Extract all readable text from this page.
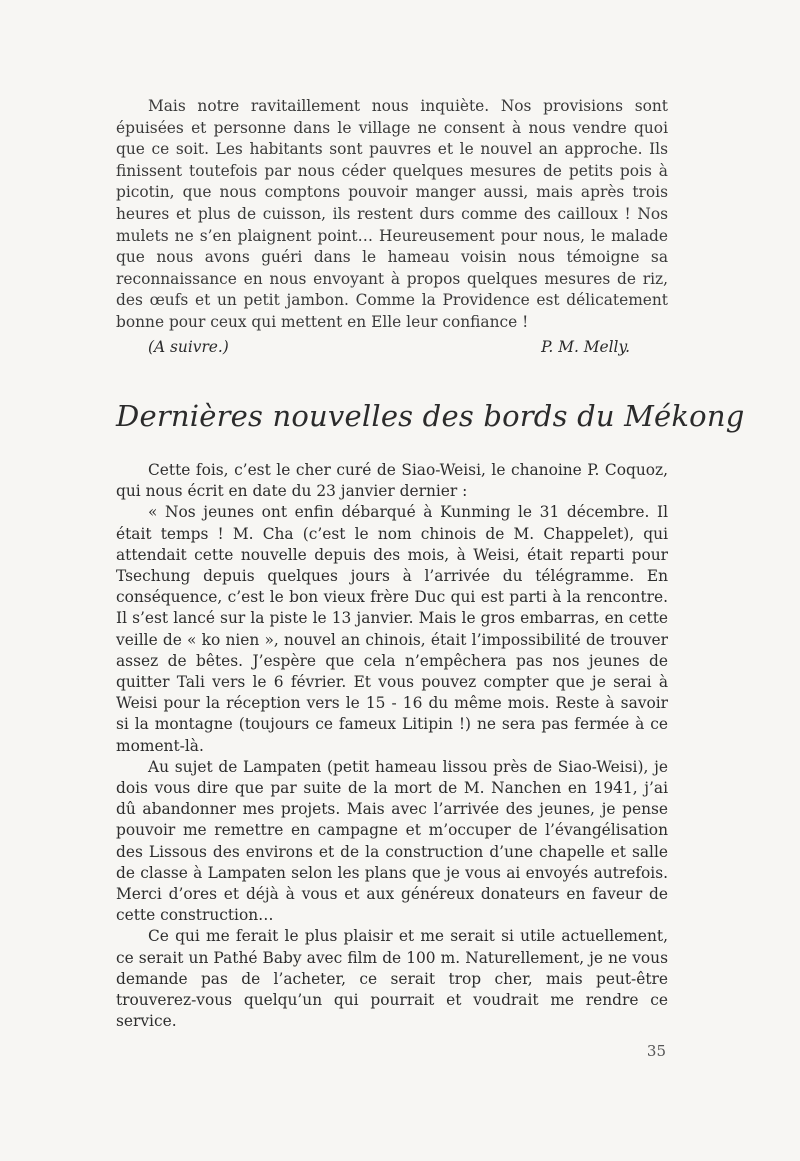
Mais notre ravitaillement nous inquiète. Nos provisions sont épuisées et personne dans le village ne consent à nous vendre quoi que ce soit. Les habitants sont pauvres et le nouvel an approche. Ils finissent toutefois par nous céder quelques mesures de petits pois à picotin, que nous comptons pouvoir manger aussi, mais après trois heures et plus de cuisson, ils restent durs comme des cailloux ! Nos mulets ne s’en plaignent point… Heureusement pour nous, le malade que nous avons guéri dans le hameau voisin nous témoigne sa reconnaissance en nous envoyant à propos quelques mesures de riz, des œufs et un petit jambon. Comme la Providence est délicatement bonne pour ceux qui mettent en Elle leur confiance !

(A suivre.)	P. M. Melly.
Dernières nouvelles des bords du Mékong

Cette fois, c’est le cher curé de Siao-Weisi, le chanoine P. Coquoz, qui nous écrit en date du 23 janvier dernier :

« Nos jeunes ont enfin débarqué à Kunming le 31 décembre. Il était temps ! M. Cha (c’est le nom chinois de M. Chappelet), qui attendait cette nouvelle depuis des mois, à Weisi, était reparti pour Tsechung depuis quelques jours à l’arrivée du télégramme. En conséquence, c’est le bon vieux frère Duc qui est parti à la rencontre. Il s’est lancé sur la piste le 13 janvier. Mais le gros embarras, en cette veille de « ko nien », nouvel an chinois, était l’impossibilité de trouver assez de bêtes. J’espère que cela n’empêchera pas nos jeunes de quitter Tali vers le 6 février. Et vous pouvez compter que je serai à Weisi pour la réception vers le 15 - 16 du même mois. Reste à savoir si la montagne (toujours ce fameux Litipin !) ne sera pas fermée à ce moment-là.

Au sujet de Lampaten (petit hameau lissou près de Siao-Weisi), je dois vous dire que par suite de la mort de M. Nanchen en 1941, j’ai dû abandonner mes projets. Mais avec l’arrivée des jeunes, je pense pouvoir me remettre en campagne et m’occuper de l’évangélisation des Lissous des environs et de la construction d’une chapelle et salle de classe à Lampaten selon les plans que je vous ai envoyés autrefois. Merci d’ores et déjà à vous et aux généreux donateurs en faveur de cette construction…

Ce qui me ferait le plus plaisir et me serait si utile actuellement, ce serait un Pathé Baby avec film de 100 m. Naturellement, je ne vous demande pas de l’acheter, ce serait trop cher, mais peut-être trouverez-vous quelqu’un qui pourrait et voudrait me rendre ce service.

35
